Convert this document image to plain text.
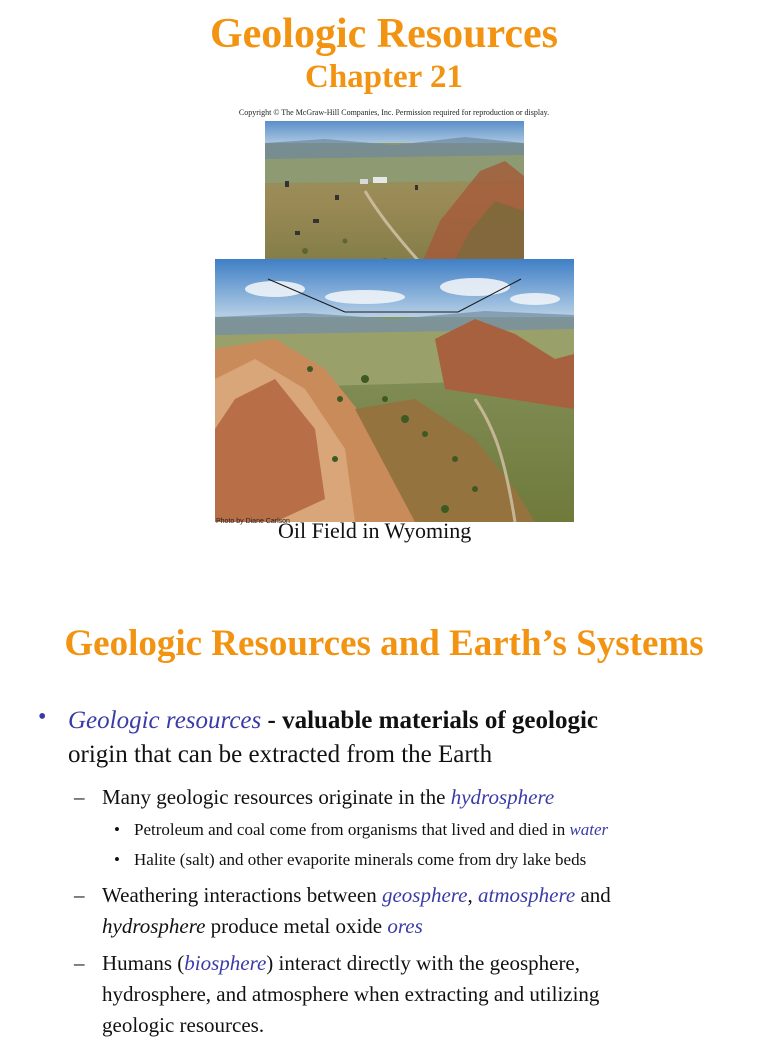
Geologic Resources
Chapter 21
Copyright © The McGraw-Hill Companies, Inc. Permission required for reproduction or display.
Photo by Diane Carlson
Oil Field in Wyoming
Geologic Resources and Earth’s Systems
• Geologic resources - valuable materials of geologic
origin that can be extracted from the Earth
– Many geologic resources originate in the hydrosphere
• Petroleum and coal come from organisms that lived and died in water
• Halite (salt) and other evaporite minerals come from dry lake beds
– Weathering interactions between geosphere, atmosphere and
hydrosphere produce metal oxide ores
– Humans (biosphere) interact directly with the geosphere,
hydrosphere, and atmosphere when extracting and utilizing
geologic resources.
